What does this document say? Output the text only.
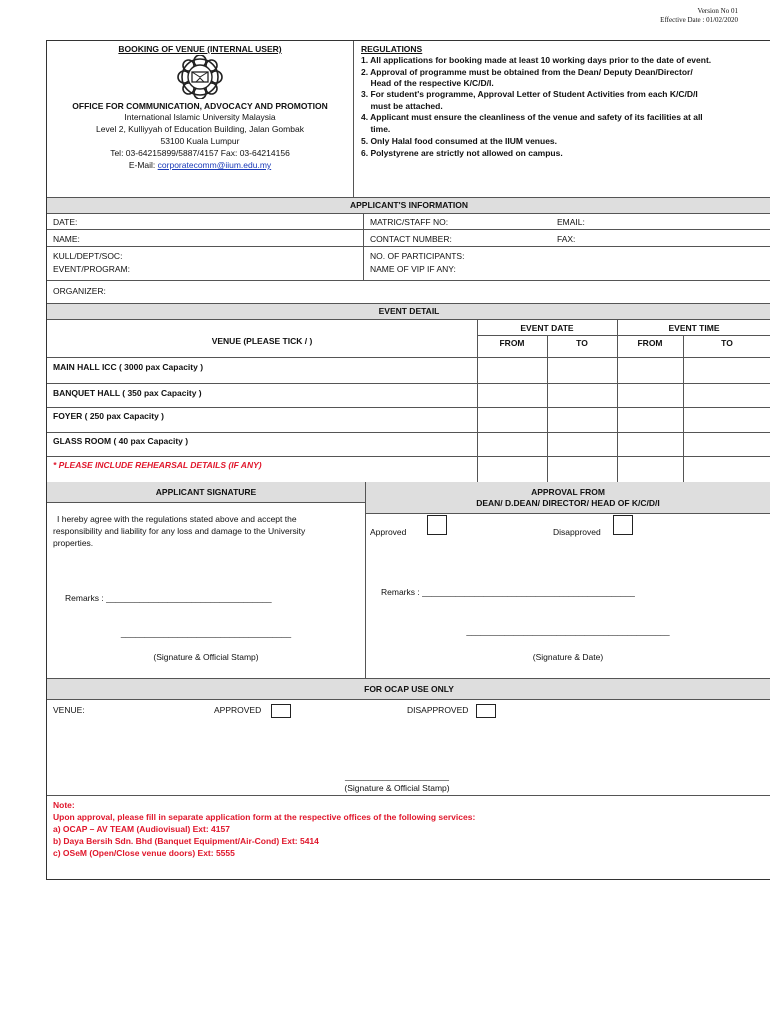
Version No 01
Effective Date : 01/02/2020
BOOKING OF VENUE (INTERNAL USER)
OFFICE FOR COMMUNICATION, ADVOCACY AND PROMOTION
International Islamic University Malaysia
Level 2, Kulliyyah of Education Building, Jalan Gombak
53100 Kuala Lumpur
Tel: 03-64215899/5887/4157 Fax: 03-64214156
E-Mail: corporatecomm@iium.edu.my
REGULATIONS
1. All applications for booking made at least 10 working days prior to the date of event.
2. Approval of programme must be obtained from the Dean/ Deputy Dean/Director/
Head of the respective K/C/D/I.
3. For student's programme, Approval Letter of Student Activities from each K/C/D/I
must be attached.
4. Applicant must ensure the cleanliness of the venue and safety of its facilities at all
time.
5. Only Halal food consumed at the IIUM venues.
6. Polystyrene are strictly not allowed on campus.
APPLICANT'S INFORMATION
DATE:	MATRIC/STAFF NO:	EMAIL:
NAME:	CONTACT NUMBER:	FAX:
KULL/DEPT/SOC:	NO. OF PARTICIPANTS:
EVENT/PROGRAM:	NAME OF VIP IF ANY:
ORGANIZER:
EVENT DETAIL
VENUE (PLEASE TICK / )
EVENT DATE	EVENT TIME
FROM	TO	FROM	TO
MAIN HALL ICC ( 3000 pax Capacity )
BANQUET HALL ( 350 pax Capacity )
FOYER ( 250 pax Capacity )
GLASS ROOM ( 40 pax Capacity )
* PLEASE INCLUDE REHEARSAL DETAILS (IF ANY)
APPLICANT SIGNATURE	APPROVAL FROM
DEAN/ D.DEAN/ DIRECTOR/ HEAD OF K/C/D/I
I hereby agree with the regulations stated above and accept the
responsibility and liability for any loss and damage to the University
properties.
Approved	Disapproved
Remarks : ___________________________________
Remarks : _____________________________________________
____________________________________	___________________________________________
(Signature & Official Stamp)	(Signature & Date)
FOR OCAP USE ONLY
VENUE:	APPROVED	DISAPPROVED
______________________
(Signature & Official Stamp)
Note:
Upon approval, please fill in separate application form at the respective offices of the following services:
a) OCAP – AV TEAM (Audiovisual) Ext: 4157
b) Daya Bersih Sdn. Bhd (Banquet Equipment/Air-Cond) Ext: 5414
c) OSeM (Open/Close venue doors) Ext: 5555
